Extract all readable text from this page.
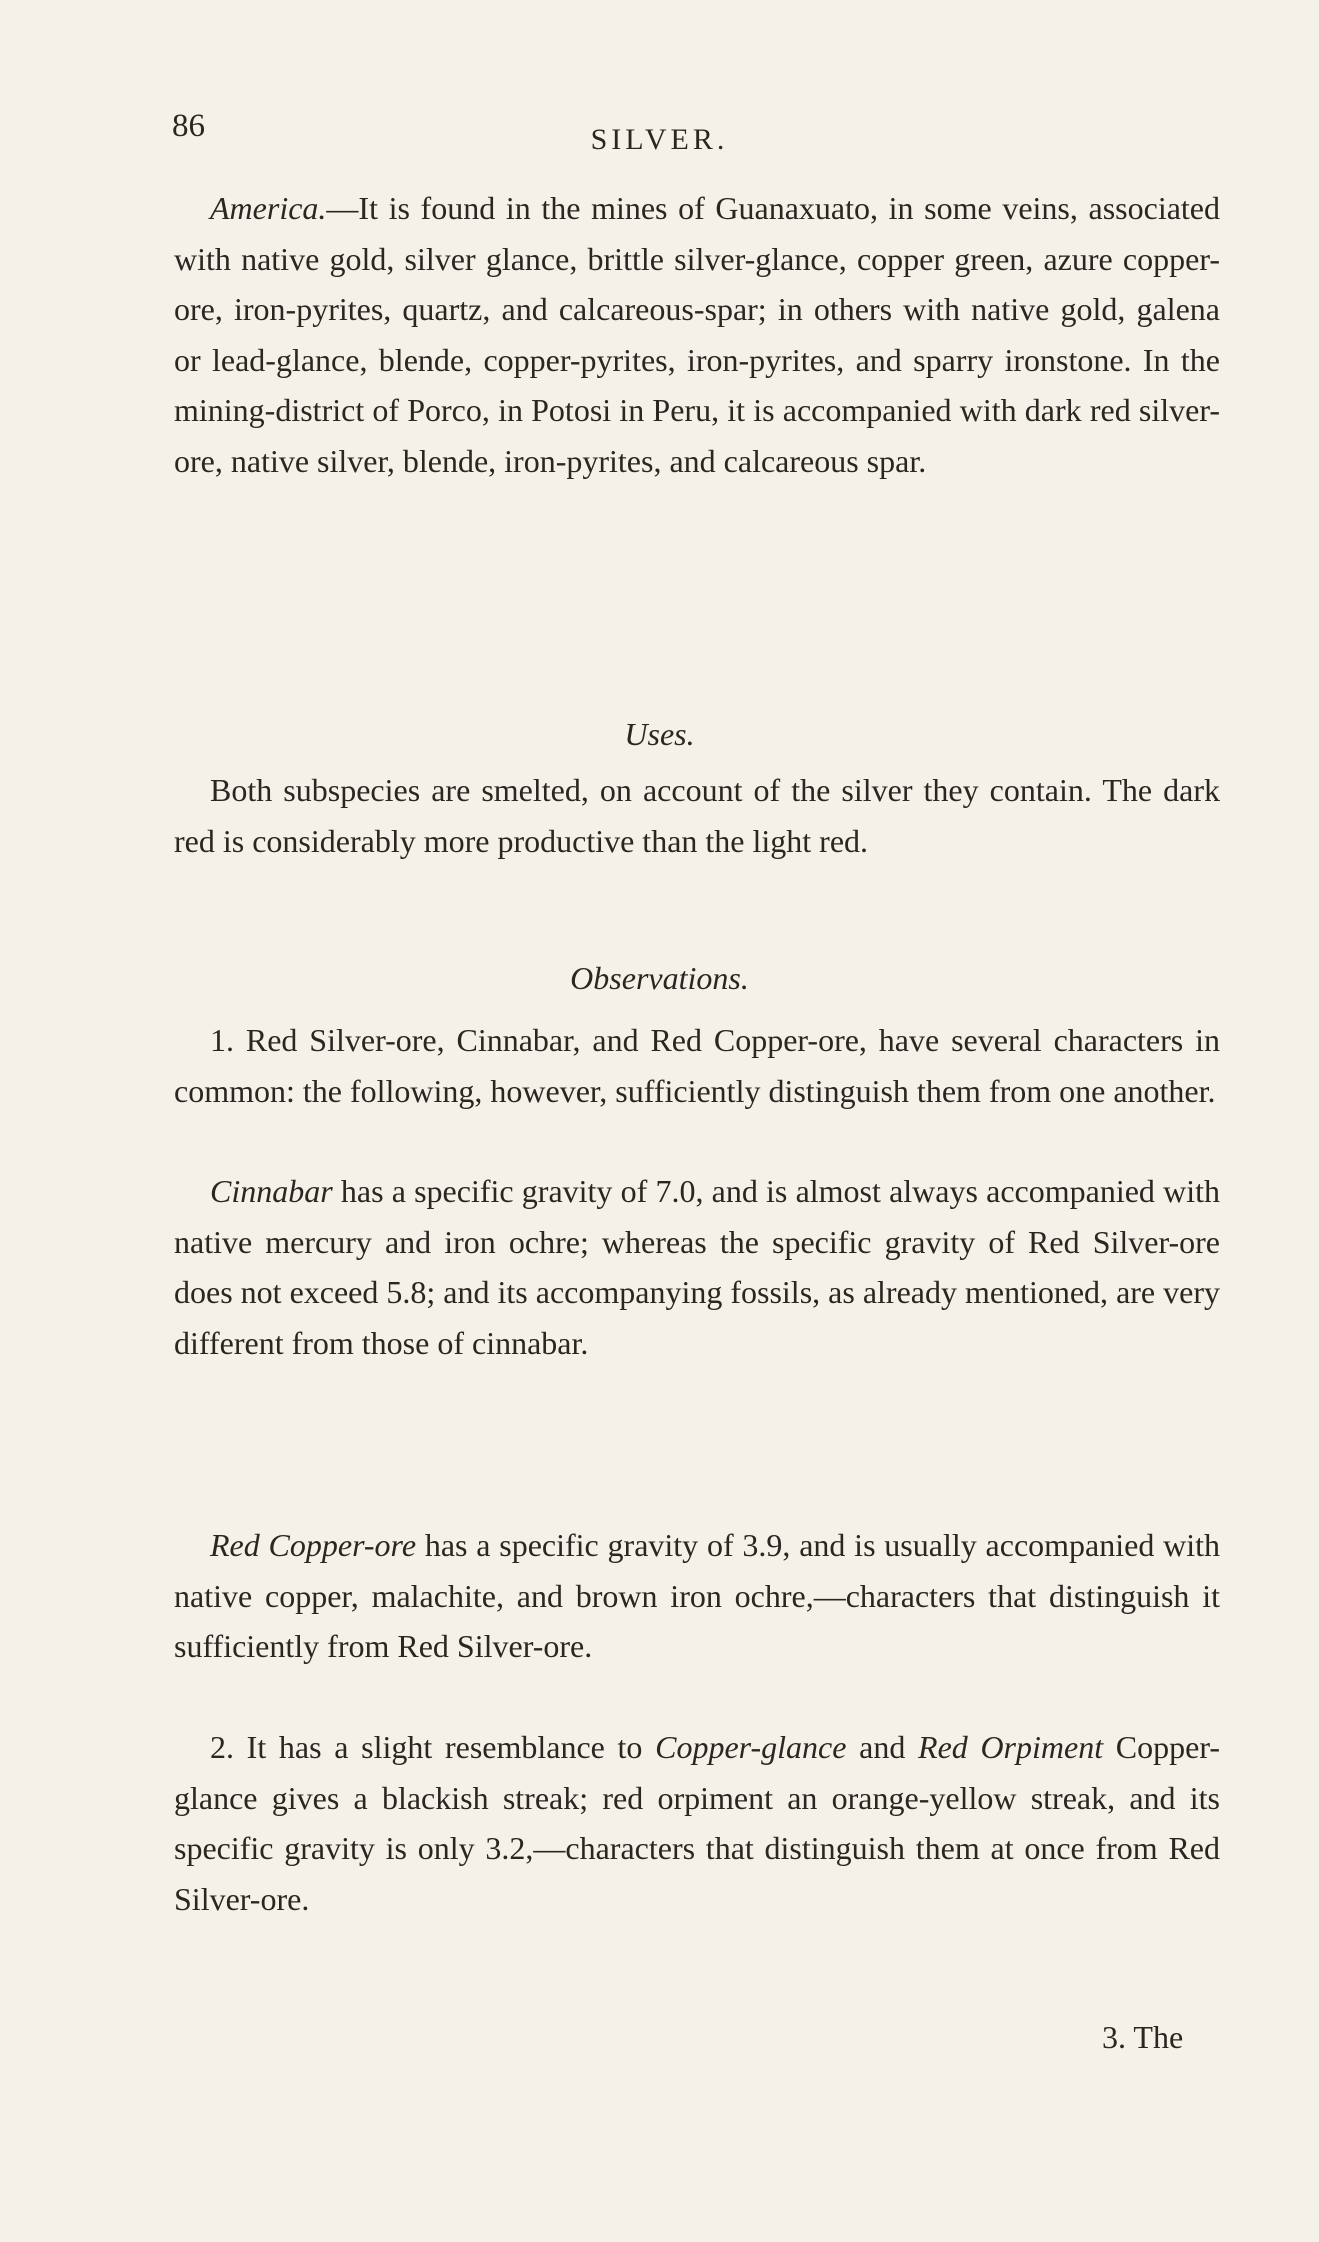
86	SILVER.

America.—It is found in the mines of Guanaxuato, in some veins, associated with native gold, silver glance, brittle silver-glance, copper green, azure copper-ore, iron-pyrites, quartz, and calcareous-spar; in others with native gold, galena or lead-glance, blende, copper-pyrites, iron-pyrites, and sparry ironstone. In the mining-district of Porco, in Potosi in Peru, it is accompanied with dark red silver-ore, native silver, blende, iron-pyrites, and calcareous spar.

Uses.

Both subspecies are smelted, on account of the silver they contain. The dark red is considerably more productive than the light red.

Observations.

1. Red Silver-ore, Cinnabar, and Red Copper-ore, have several characters in common: the following, however, sufficiently distinguish them from one another.

Cinnabar has a specific gravity of 7.0, and is almost always accompanied with native mercury and iron ochre; whereas the specific gravity of Red Silver-ore does not exceed 5.8; and its accompanying fossils, as already mentioned, are very different from those of cinnabar.

Red Copper-ore has a specific gravity of 3.9, and is usually accompanied with native copper, malachite, and brown iron ochre,—characters that distinguish it sufficiently from Red Silver-ore.

2. It has a slight resemblance to Copper-glance and Red Orpiment Copper-glance gives a blackish streak; red orpiment an orange-yellow streak, and its specific gravity is only 3.2,—characters that distinguish them at once from Red Silver-ore.

3. The
